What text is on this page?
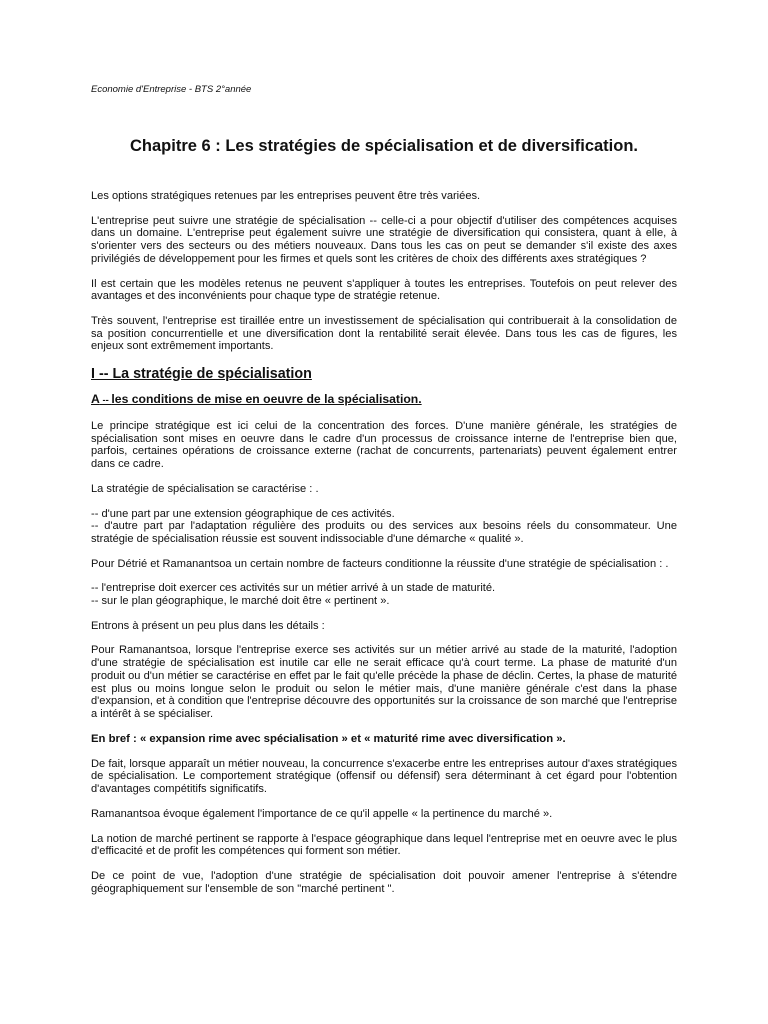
Economie d'Entreprise - BTS 2°année

Chapitre 6 : Les stratégies de spécialisation et de diversification.

Les options stratégiques retenues par les entreprises peuvent être très variées.

L'entreprise peut suivre une stratégie de spécialisation -- celle-ci a pour objectif d'utiliser des compétences acquises dans un domaine. L'entreprise peut également suivre une stratégie de diversification qui consistera, quant à elle, à s'orienter vers des secteurs ou des métiers nouveaux. Dans tous les cas on peut se demander s'il existe des axes privilégiés de développement pour les firmes et quels sont les critères de choix des différents axes stratégiques ?

Il est certain que les modèles retenus ne peuvent s'appliquer à toutes les entreprises. Toutefois on peut relever des avantages et des inconvénients pour chaque type de stratégie retenue.

Très souvent, l'entreprise est tiraillée entre un investissement de spécialisation qui contribuerait à la consolidation de sa position concurrentielle et une diversification dont la rentabilité serait élevée. Dans tous les cas de figures, les enjeux sont extrêmement importants.

I -- La stratégie de spécialisation
A -- les conditions de mise en oeuvre de la spécialisation.

Le principe stratégique est ici celui de la concentration des forces. D'une manière générale, les stratégies de spécialisation sont mises en oeuvre dans le cadre d'un processus de croissance interne de l'entreprise bien que, parfois, certaines opérations de croissance externe (rachat de concurrents, partenariats) peuvent également entrer dans ce cadre.

La stratégie de spécialisation se caractérise : .

-- d'une part par une extension géographique de ces activités.
-- d'autre part par l'adaptation régulière des produits ou des services aux besoins réels du consommateur. Une stratégie de spécialisation réussie est souvent indissociable d'une démarche « qualité ».

Pour Détrié et Ramanantsoa un certain nombre de facteurs conditionne la réussite d'une stratégie de spécialisation : .

-- l'entreprise doit exercer ces activités sur un métier arrivé à un stade de maturité.
-- sur le plan géographique, le marché doit être « pertinent ».

Entrons à présent un peu plus dans les détails :

Pour Ramanantsoa, lorsque l'entreprise exerce ses activités sur un métier arrivé au stade de la maturité, l'adoption d'une stratégie de spécialisation est inutile car elle ne serait efficace qu'à court terme. La phase de maturité d'un produit ou d'un métier se caractérise en effet par le fait qu'elle précède la phase de déclin. Certes, la phase de maturité est plus ou moins longue selon le produit ou selon le métier mais, d'une manière générale c'est dans la phase d'expansion, et à condition que l'entreprise découvre des opportunités sur la croissance de son marché que l'entreprise a intérêt à se spécialiser.

En bref : « expansion rime avec spécialisation » et « maturité rime avec diversification ».

De fait, lorsque apparaît un métier nouveau, la concurrence s'exacerbe entre les entreprises autour d'axes stratégiques de spécialisation. Le comportement stratégique (offensif ou défensif) sera déterminant à cet égard pour l'obtention d'avantages compétitifs significatifs.

Ramanantsoa évoque également l'importance de ce qu'il appelle « la pertinence du marché ».

La notion de marché pertinent se rapporte à l'espace géographique dans lequel l'entreprise met en oeuvre avec le plus d'efficacité et de profit les compétences qui forment son métier.

De ce point de vue, l'adoption d'une stratégie de spécialisation doit pouvoir amener l'entreprise à s'étendre géographiquement sur l'ensemble de son "marché pertinent ".
